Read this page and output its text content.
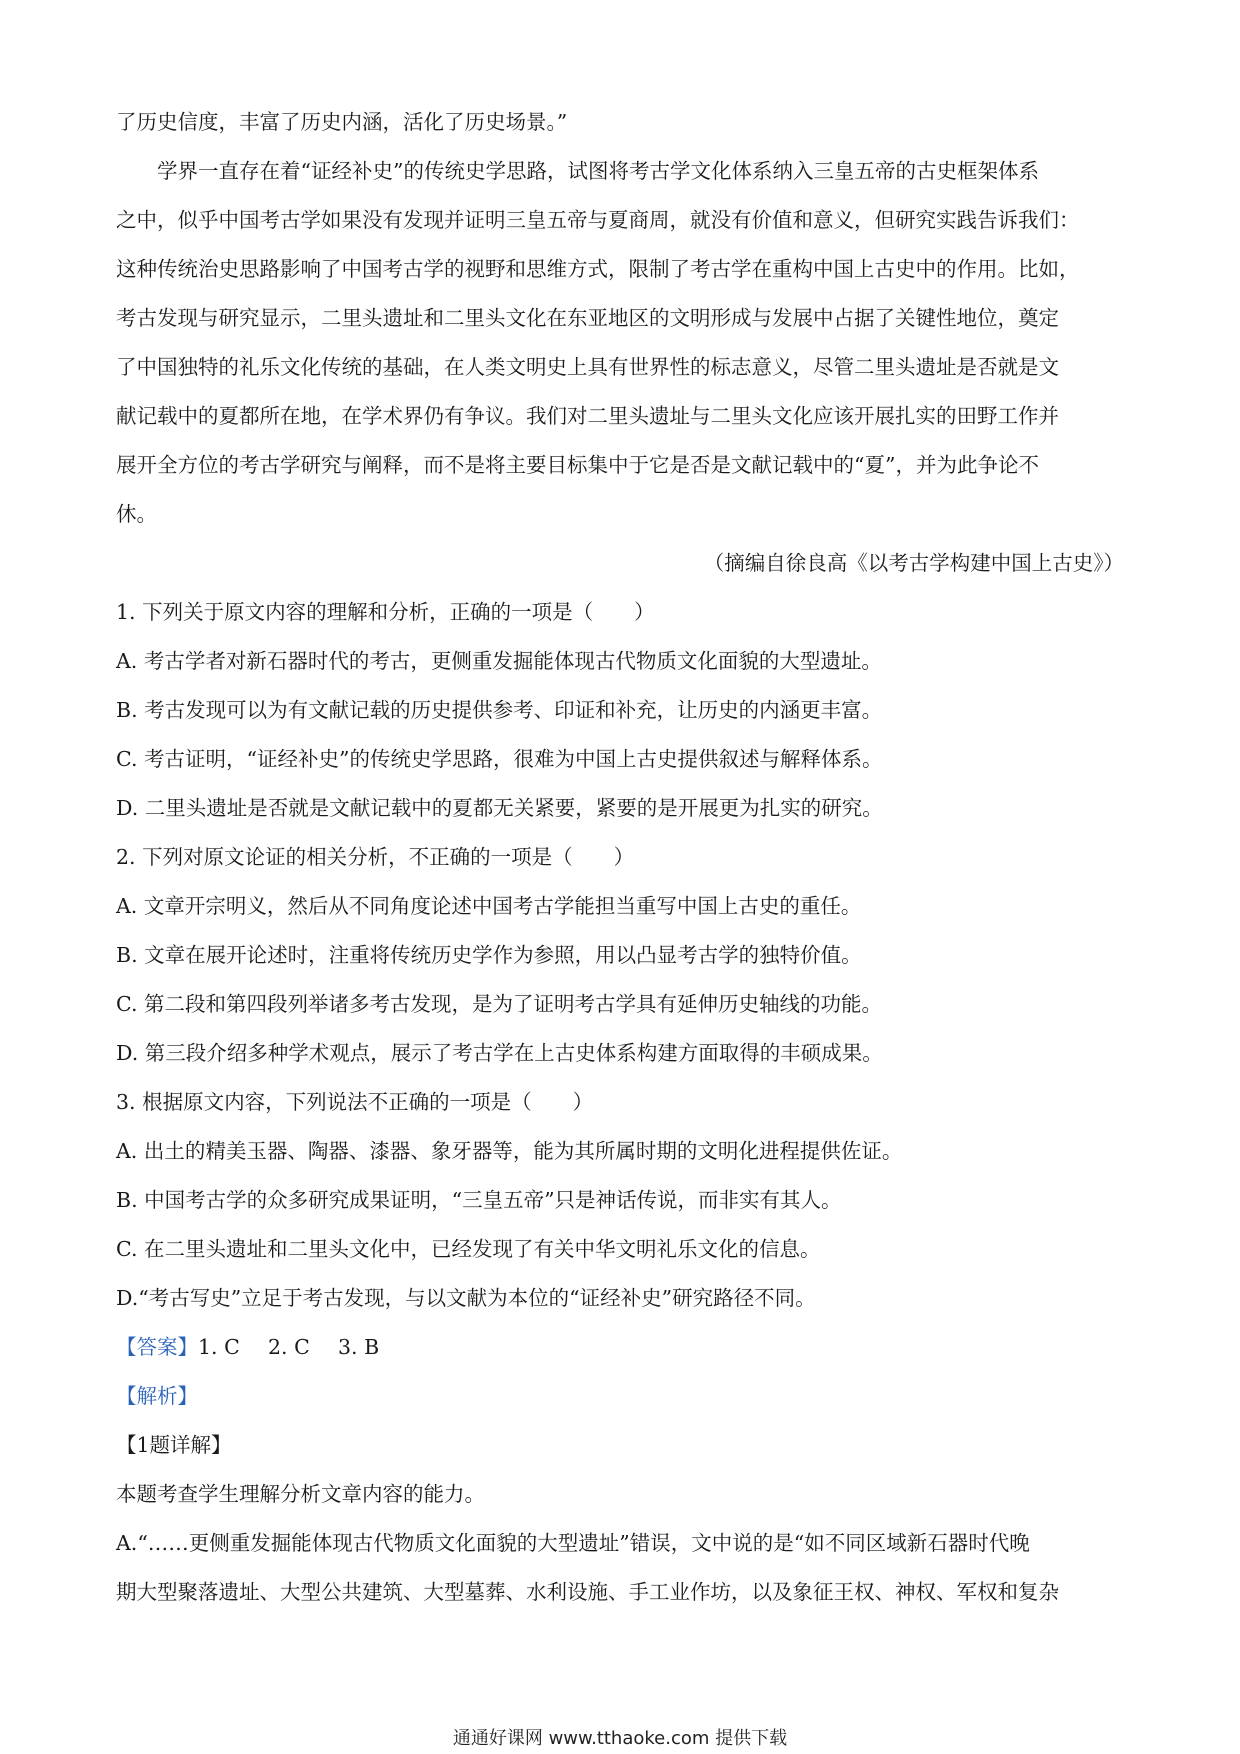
了历史信度，丰富了历史内涵，活化了历史场景。”

学界一直存在着“证经补史”的传统史学思路，试图将考古学文化体系纳入三皇五帝的古史框架体系

之中，似乎中国考古学如果没有发现并证明三皇五帝与夏商周，就没有价值和意义，但研究实践告诉我们：

这种传统治史思路影响了中国考古学的视野和思维方式，限制了考古学在重构中国上古史中的作用。比如，

考古发现与研究显示，二里头遗址和二里头文化在东亚地区的文明形成与发展中占据了关键性地位，奠定

了中国独特的礼乐文化传统的基础，在人类文明史上具有世界性的标志意义，尽管二里头遗址是否就是文

献记载中的夏都所在地，在学术界仍有争议。我们对二里头遗址与二里头文化应该开展扎实的田野工作并

展开全方位的考古学研究与阐释，而不是将主要目标集中于它是否是文献记载中的“夏”，并为此争论不

休。

（摘编自徐良高《以考古学构建中国上古史》）

1. 下列关于原文内容的理解和分析，正确的一项是（　　）

A. 考古学者对新石器时代的考古，更侧重发掘能体现古代物质文化面貌的大型遗址。

B. 考古发现可以为有文献记载的历史提供参考、印证和补充，让历史的内涵更丰富。

C. 考古证明，“证经补史”的传统史学思路，很难为中国上古史提供叙述与解释体系。

D. 二里头遗址是否就是文献记载中的夏都无关紧要，紧要的是开展更为扎实的研究。

2. 下列对原文论证的相关分析，不正确的一项是（　　）

A. 文章开宗明义，然后从不同角度论述中国考古学能担当重写中国上古史的重任。

B. 文章在展开论述时，注重将传统历史学作为参照，用以凸显考古学的独特价值。

C. 第二段和第四段列举诸多考古发现，是为了证明考古学具有延伸历史轴线的功能。

D. 第三段介绍多种学术观点，展示了考古学在上古史体系构建方面取得的丰硕成果。

3. 根据原文内容，下列说法不正确的一项是（　　）

A. 出土的精美玉器、陶器、漆器、象牙器等，能为其所属时期的文明化进程提供佐证。

B. 中国考古学的众多研究成果证明，“三皇五帝”只是神话传说，而非实有其人。

C. 在二里头遗址和二里头文化中，已经发现了有关中华文明礼乐文化的信息。

D.“考古写史”立足于考古发现，与以文献为本位的“证经补史”研究路径不同。

【答案】1. C 2. C 3. B

【解析】

【1题详解】

本题考查学生理解分析文章内容的能力。

A.“……更侧重发掘能体现古代物质文化面貌的大型遗址”错误，文中说的是“如不同区域新石器时代晚

期大型聚落遗址、大型公共建筑、大型墓葬、水利设施、手工业作坊，以及象征王权、神权、军权和复杂

通通好课网 www.tthaoke.com 提供下载
